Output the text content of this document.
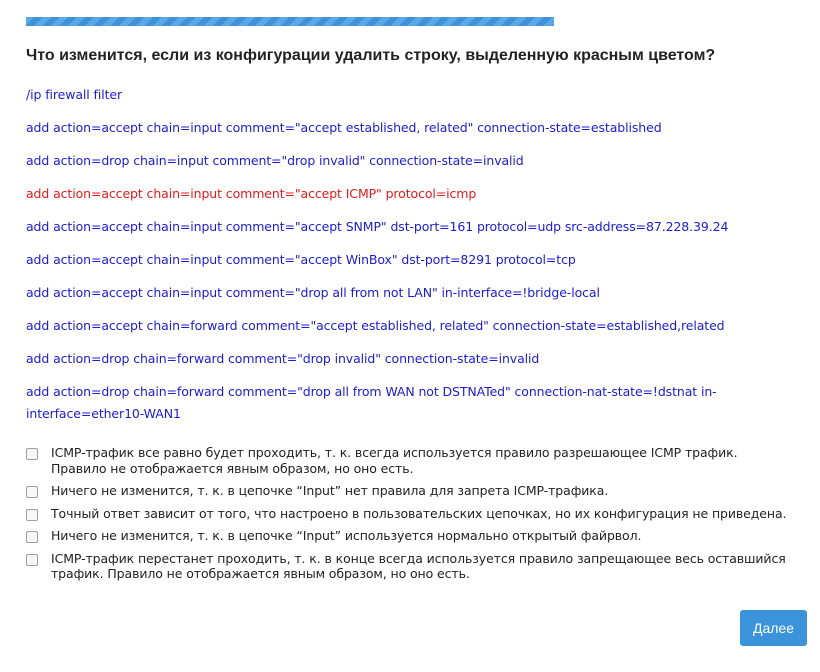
Что изменится, если из конфигурации удалить строку, выделенную красным цветом?

/ip firewall filter

add action=accept chain=input comment="accept established, related" connection-state=established

add action=drop chain=input comment="drop invalid" connection-state=invalid

add action=accept chain=input comment="accept ICMP" protocol=icmp

add action=accept chain=input comment="accept SNMP" dst-port=161 protocol=udp src-address=87.228.39.24

add action=accept chain=input comment="accept WinBox" dst-port=8291 protocol=tcp

add action=accept chain=input comment="drop all from not LAN" in-interface=!bridge-local

add action=accept chain=forward comment="accept established, related" connection-state=established,related

add action=drop chain=forward comment="drop invalid" connection-state=invalid

add action=drop chain=forward comment="drop all from WAN not DSTNATed" connection-nat-state=!dstnat in-interface=ether10-WAN1

ICMP-трафик все равно будет проходить, т. к. всегда используется правило разрешающее ICMP трафик. Правило не отображается явным образом, но оно есть.
Ничего не изменится, т. к. в цепочке “Input” нет правила для запрета ICMP-трафика.
Точный ответ зависит от того, что настроено в пользовательских цепочках, но их конфигурация не приведена.
Ничего не изменится, т. к. в цепочке “Input” используется нормально открытый файрвол.
ICMP-трафик перестанет проходить, т. к. в конце всегда используется правило запрещающее весь оставшийся трафик. Правило не отображается явным образом, но оно есть.
Далее
